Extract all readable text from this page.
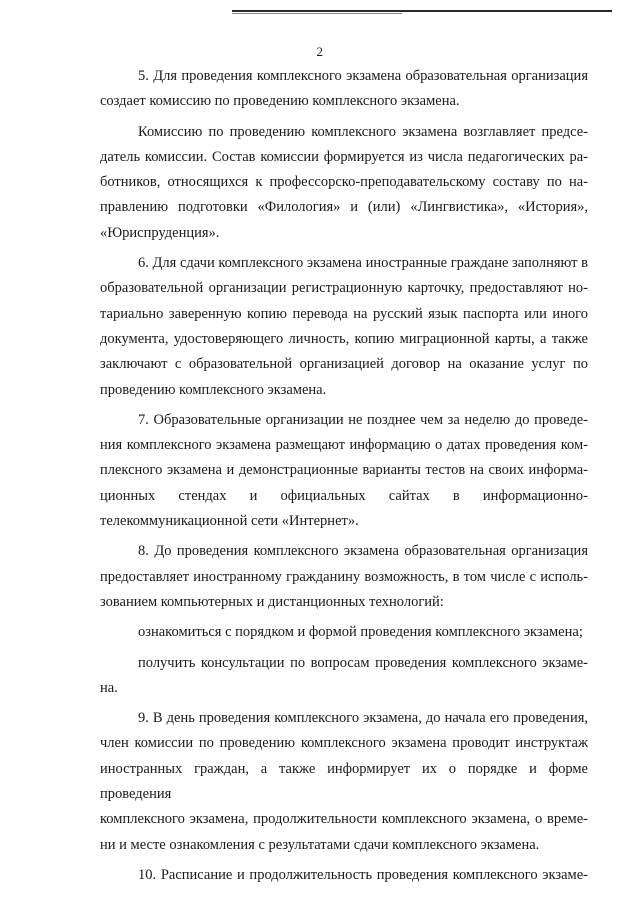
2

5. Для проведения комплексного экзамена образовательная организация
создает комиссию по проведению комплексного экзамена.

Комиссию по проведению комплексного экзамена возглавляет предсе-
датель комиссии. Состав комиссии формируется из числа педагогических ра-
ботников, относящихся к профессорско-преподавательскому составу по на-
правлению подготовки «Филология» и (или) «Лингвистика», «История»,
«Юриспруденция».

6. Для сдачи комплексного экзамена иностранные граждане заполняют в
образовательной организации регистрационную карточку, предоставляют но-
тариально заверенную копию перевода на русский язык паспорта или иного
документа, удостоверяющего личность, копию миграционной карты, а также
заключают с образовательной организацией договор на оказание услуг по
проведению комплексного экзамена.

7. Образовательные организации не позднее чем за неделю до проведе-
ния комплексного экзамена размещают информацию о датах проведения ком-
плексного экзамена и демонстрационные варианты тестов на своих информа-
ционных стендах и официальных сайтах в информационно-
телекоммуникационной сети «Интернет».

8. До проведения комплексного экзамена образовательная организация
предоставляет иностранному гражданину возможность, в том числе с исполь-
зованием компьютерных и дистанционных технологий:

ознакомиться с порядком и формой проведения комплексного экзамена;

получить консультации по вопросам проведения комплексного экзаме-
на.

9. В день проведения комплексного экзамена, до начала его проведения,
член комиссии по проведению комплексного экзамена проводит инструктаж
иностранных граждан, а также информирует их о порядке и форме проведения
комплексного экзамена, продолжительности комплексного экзамена, о време-
ни и месте ознакомления с результатами сдачи комплексного экзамена.

10. Расписание и продолжительность проведения комплексного экзаме-
